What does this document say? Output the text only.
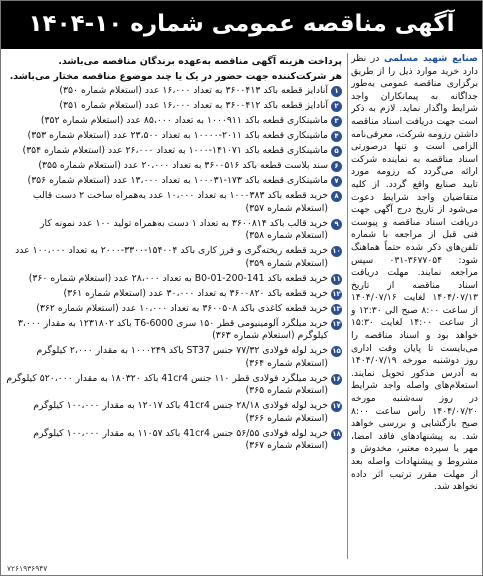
آگهی مناقصه عمومی شماره ۱۰-۱۴۰۴
صنایع شهید مسلمی در نظر دارد خرید موارد ذیل را از طریق برگزاری مناقصه عمومی به‌طور جداگانه به پیمانکاران واجد شرایط واگذار نماید. لازم به ذکر است جهت دریافت اسناد مناقصه داشتن رزومه شرکت، معرفی‌نامه الزامی است و تنها درصورتی اسناد مناقصه به نماینده شرکت ارائه می‌گردد که رزومه مورد تایید صنایع واقع گردد. از کلیه متقاضیان واجد شرایط دعوت می‌شود از تاریخ درج آگهی جهت دریافت اسناد مناقصه و پیوست فنی قبل از مراجعه با شماره تلفن‌های ذکر شده حتماً هماهنگ شود: ۳۶۷۷۰۵۴-۰۳۱ سپس مراجعه نمایند. مهلت دریافت اسناد مناقصه از تاریخ ۱۴۰۴/۰۷/۱۳ لغایت ۱۴۰۴/۰۷/۱۶ از ساعت ۸:۰۰ صبح الی ۱۲:۳۰ و از ساعت ۱۴:۰۰ لغایت ۱۵:۳۰ خواهد بود و اسناد مناقصه را می‌بایست تا پایان وقت اداری روز دوشنبه مورخه ۱۴۰۴/۰۷/۱۹ به آدرس مذکور تحویل نمایند. استعلام‌های واصله واجد شرایط در روز سه‌شنبه مورخه ۱۴۰۴/۰۷/۲۰ رأس ساعت ۸:۰۰ صبح بازگشایی و بررسی خواهد شد. به پیشنهادهای فاقد امضا، مهر یا سپرده معتبر، مخدوش و مشروط و پیشنهادات واصله بعد از مهلت مقرر ترتیب اثر داده نخواهد شد.
پرداخت هزینه آگهی مناقصه به‌عهده برندگان مناقصه می‌باشد.
هر شرکت‌کننده جهت حضور در یک یا چند موضوع مناقصه مختار می‌باشد.
۱
آنادایز قطعه باکد ۳۶۰۰۴۱۳ به تعداد ۱۶،۰۰۰ عدد (استعلام شماره ۳۵۰)
۲
آنادایز قطعه باکد ۳۶۰۰۴۱۲ به تعداد ۱۶،۰۰۰ عدد (استعلام شماره ۳۵۱)
۳
ماشینکاری قطعه باکد ۱۰۰۰۹۱۱ به تعداد ۸۵،۰۰۰ عدد (استعلام شماره ۳۵۲)
۴
ماشینکاری قطعه باکد ۲۰۱۱-۱۰۰۰۰ به تعداد ۲۳،۵۰۰ عدد (استعلام شماره ۳۵۳)
۵
ماشینکاری قطعه باکد ۱۴۱۰۷۱-۱۰۰۰ به تعداد ۲۶،۰۰۰ عدد (استعلام شماره ۳۵۴)
۶
سند بلاست قطعه باکد ۳۶۰۰۵۱۶ به تعداد ۲۰،۰۰۰ عدد (استعلام شماره ۳۵۵)
۷
ماشینکاری قطعه باکد ۱۷۳-۱۰۰۰۳۱ به تعداد ۱۳،۰۰۰ عدد (استعلام شماره ۳۵۶)
۸
خرید قطعه باکد ۱۰۰۰۳۸۳ به تعداد ۱۰،۰۰۰ عدد به‌همراه ساخت ۲ دست قالب (استعلام شماره ۳۵۷)
۹
خرید قالب باکد ۳۶۰۰۸۱۴ به تعداد ۱ دست به‌همراه تولید ۱۰۰ عدد نمونه کار (استعلام شماره ۳۵۸)
۱۰
خرید قطعه ریخته‌گری و فرز کاری باکد ۱۵۴۰۰۴-۳۳۰۰-۲۰۰۰ به تعداد ۱۰۰،۰۰۰ عدد (استعلام شماره ۳۵۹)
۱۱
خرید قطعه باکد 141-200-01-B0 به تعداد ۲۸،۰۰۰ عدد (استعلام شماره ۳۶۰)
۱۲
خرید قطعه باکد ۳۶۰۰۸۲۰ به تعداد ۳۰،۰۰۰ عدد (استعلام شماره ۳۶۱)
۱۳
خرید قطعه کاغذی باکد ۳۶۰۰۵۰۸ به تعداد ۱۰،۰۰۰ عدد (استعلام شماره ۳۶۲)
۱۴
خرید میلگرد آلومینیومی قطر ۱۵۰ سری T6-6000 باکد ۱۲۳۱۸۰۲ به مقدار ۳،۰۰۰ کیلوگرم (استعلام شماره ۳۶۳)
۱۵
خرید لوله فولادی ۷۷/۳۲ جنس ST37 باکد ۱۰۰۰۲۴۹ به مقدار ۲،۰۰۰ کیلوگرم (استعلام شماره ۳۶۴)
۱۶
خرید میلگرد فولادی قطر ۱۱۰ جنس 41cr4 باکد ۱۸۰۳۲۰ به مقدار ۵۲۰،۰۰۰ کیلوگرم (استعلام شماره ۳۶۵)
۱۷
خرید لوله فولادی ۲۸/۱۸ جنس 41cr4 باکد ۱۲۰۱۷ به مقدار ۱۰۰،۰۰۰ کیلوگرم (استعلام شماره ۳۶۶)
۱۸
خرید لوله فولادی ۵۶/۵۵ جنس 41cr4 باکد ۱۱۰۵۷ به مقدار ۱۰۰،۰۰۰ کیلوگرم (استعلام شماره ۳۶۷)
۷۲۶۱۹۳۶۹۴۷
